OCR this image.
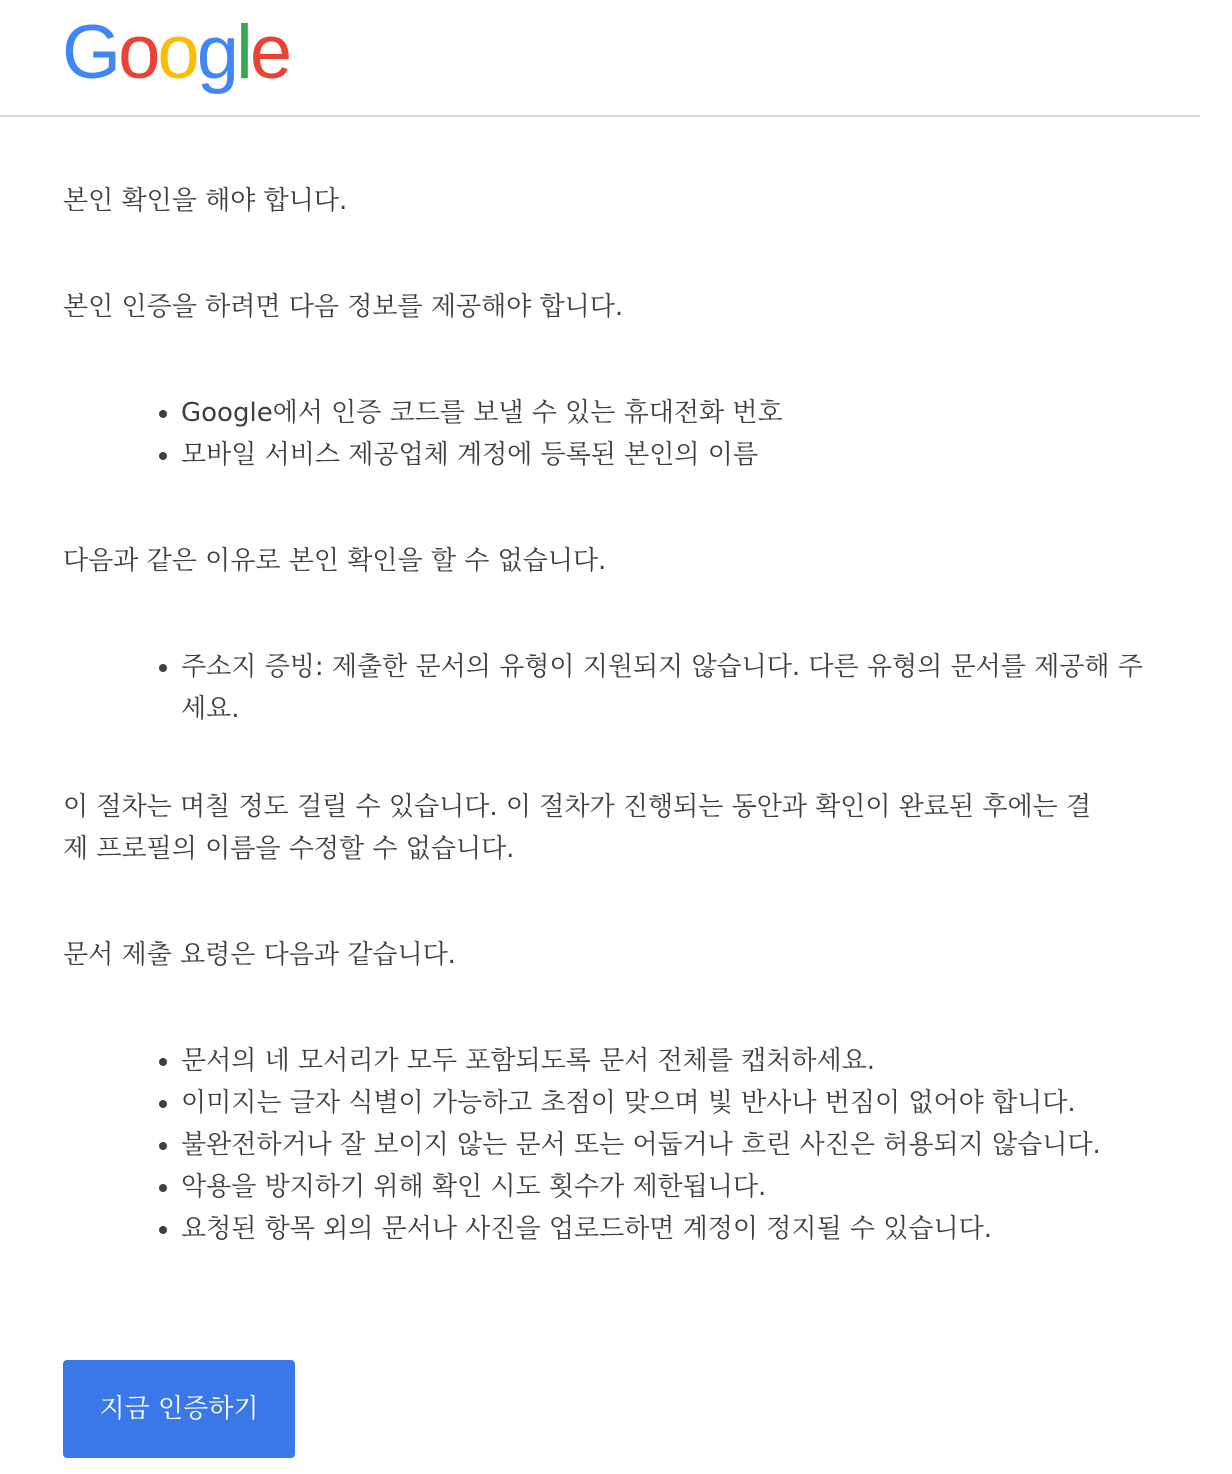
Google

본인 확인을 해야 합니다.

본인 인증을 하려면 다음 정보를 제공해야 합니다.

• Google에서 인증 코드를 보낼 수 있는 휴대전화 번호
• 모바일 서비스 제공업체 계정에 등록된 본인의 이름

다음과 같은 이유로 본인 확인을 할 수 없습니다.

• 주소지 증빙: 제출한 문서의 유형이 지원되지 않습니다. 다른 유형의 문서를 제공해 주세요.

이 절차는 며칠 정도 걸릴 수 있습니다. 이 절차가 진행되는 동안과 확인이 완료된 후에는 결제 프로필의 이름을 수정할 수 없습니다.

문서 제출 요령은 다음과 같습니다.

• 문서의 네 모서리가 모두 포함되도록 문서 전체를 캡처하세요.
• 이미지는 글자 식별이 가능하고 초점이 맞으며 빛 반사나 번짐이 없어야 합니다.
• 불완전하거나 잘 보이지 않는 문서 또는 어둡거나 흐린 사진은 허용되지 않습니다.
• 악용을 방지하기 위해 확인 시도 횟수가 제한됩니다.
• 요청된 항목 외의 문서나 사진을 업로드하면 계정이 정지될 수 있습니다.
지금 인증하기
